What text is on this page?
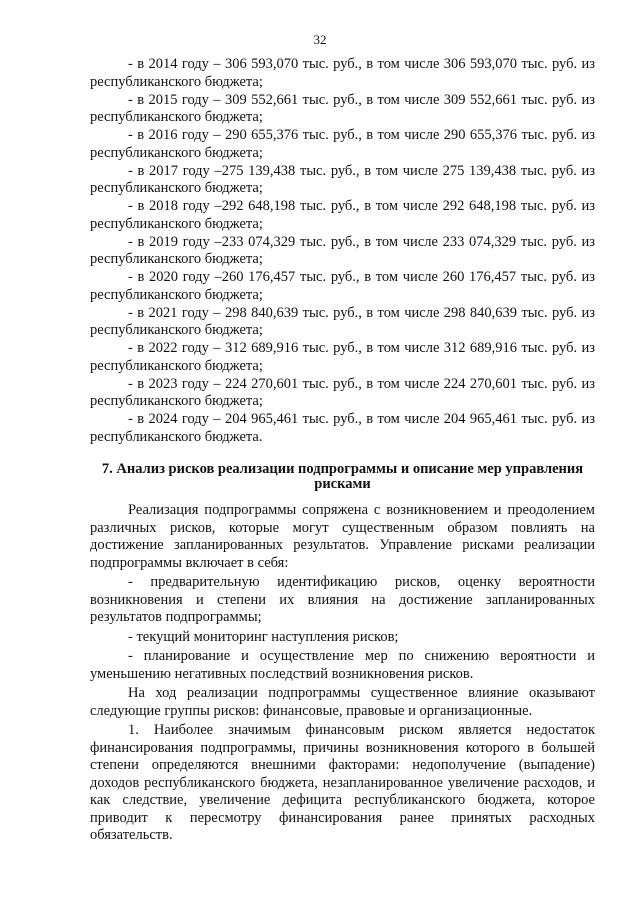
32

- в 2014 году – 306 593,070 тыс. руб., в том числе 306 593,070 тыс. руб. из республиканского бюджета;

- в 2015 году – 309 552,661 тыс. руб., в том числе 309 552,661 тыс. руб. из республиканского бюджета;

- в 2016 году – 290 655,376 тыс. руб., в том числе 290 655,376 тыс. руб. из республиканского бюджета;

- в 2017 году –275 139,438 тыс. руб., в том числе 275 139,438 тыс. руб. из республиканского бюджета;

- в 2018 году –292 648,198 тыс. руб., в том числе 292 648,198 тыс. руб. из республиканского бюджета;

- в 2019 году –233 074,329 тыс. руб., в том числе 233 074,329 тыс. руб. из республиканского бюджета;

- в 2020 году –260 176,457 тыс. руб., в том числе 260 176,457 тыс. руб. из республиканского бюджета;

- в 2021 году – 298 840,639 тыс. руб., в том числе 298 840,639 тыс. руб. из республиканского бюджета;

- в 2022 году – 312 689,916 тыс. руб., в том числе 312 689,916 тыс. руб. из республиканского бюджета;

- в 2023 году – 224 270,601 тыс. руб., в том числе 224 270,601 тыс. руб. из республиканского бюджета;

- в 2024 году – 204 965,461 тыс. руб., в том числе 204 965,461 тыс. руб. из республиканского бюджета.

7. Анализ рисков реализации подпрограммы и описание мер управления рисками

Реализация подпрограммы сопряжена с возникновением и преодолением различных рисков, которые могут существенным образом повлиять на достижение запланированных результатов. Управление рисками реализации подпрограммы включает в себя:

- предварительную идентификацию рисков, оценку вероятности возникновения и степени их влияния на достижение запланированных результатов подпрограммы;

- текущий мониторинг наступления рисков;

- планирование и осуществление мер по снижению вероятности и уменьшению негативных последствий возникновения рисков.

На ход реализации подпрограммы существенное влияние оказывают следующие группы рисков: финансовые, правовые и организационные.

1. Наиболее значимым финансовым риском является недостаток финансирования подпрограммы, причины возникновения которого в большей степени определяются внешними факторами: недополучение (выпадение) доходов республиканского бюджета, незапланированное увеличение расходов, и как следствие, увеличение дефицита республиканского бюджета, которое приводит к пересмотру финансирования ранее принятых расходных обязательств.
